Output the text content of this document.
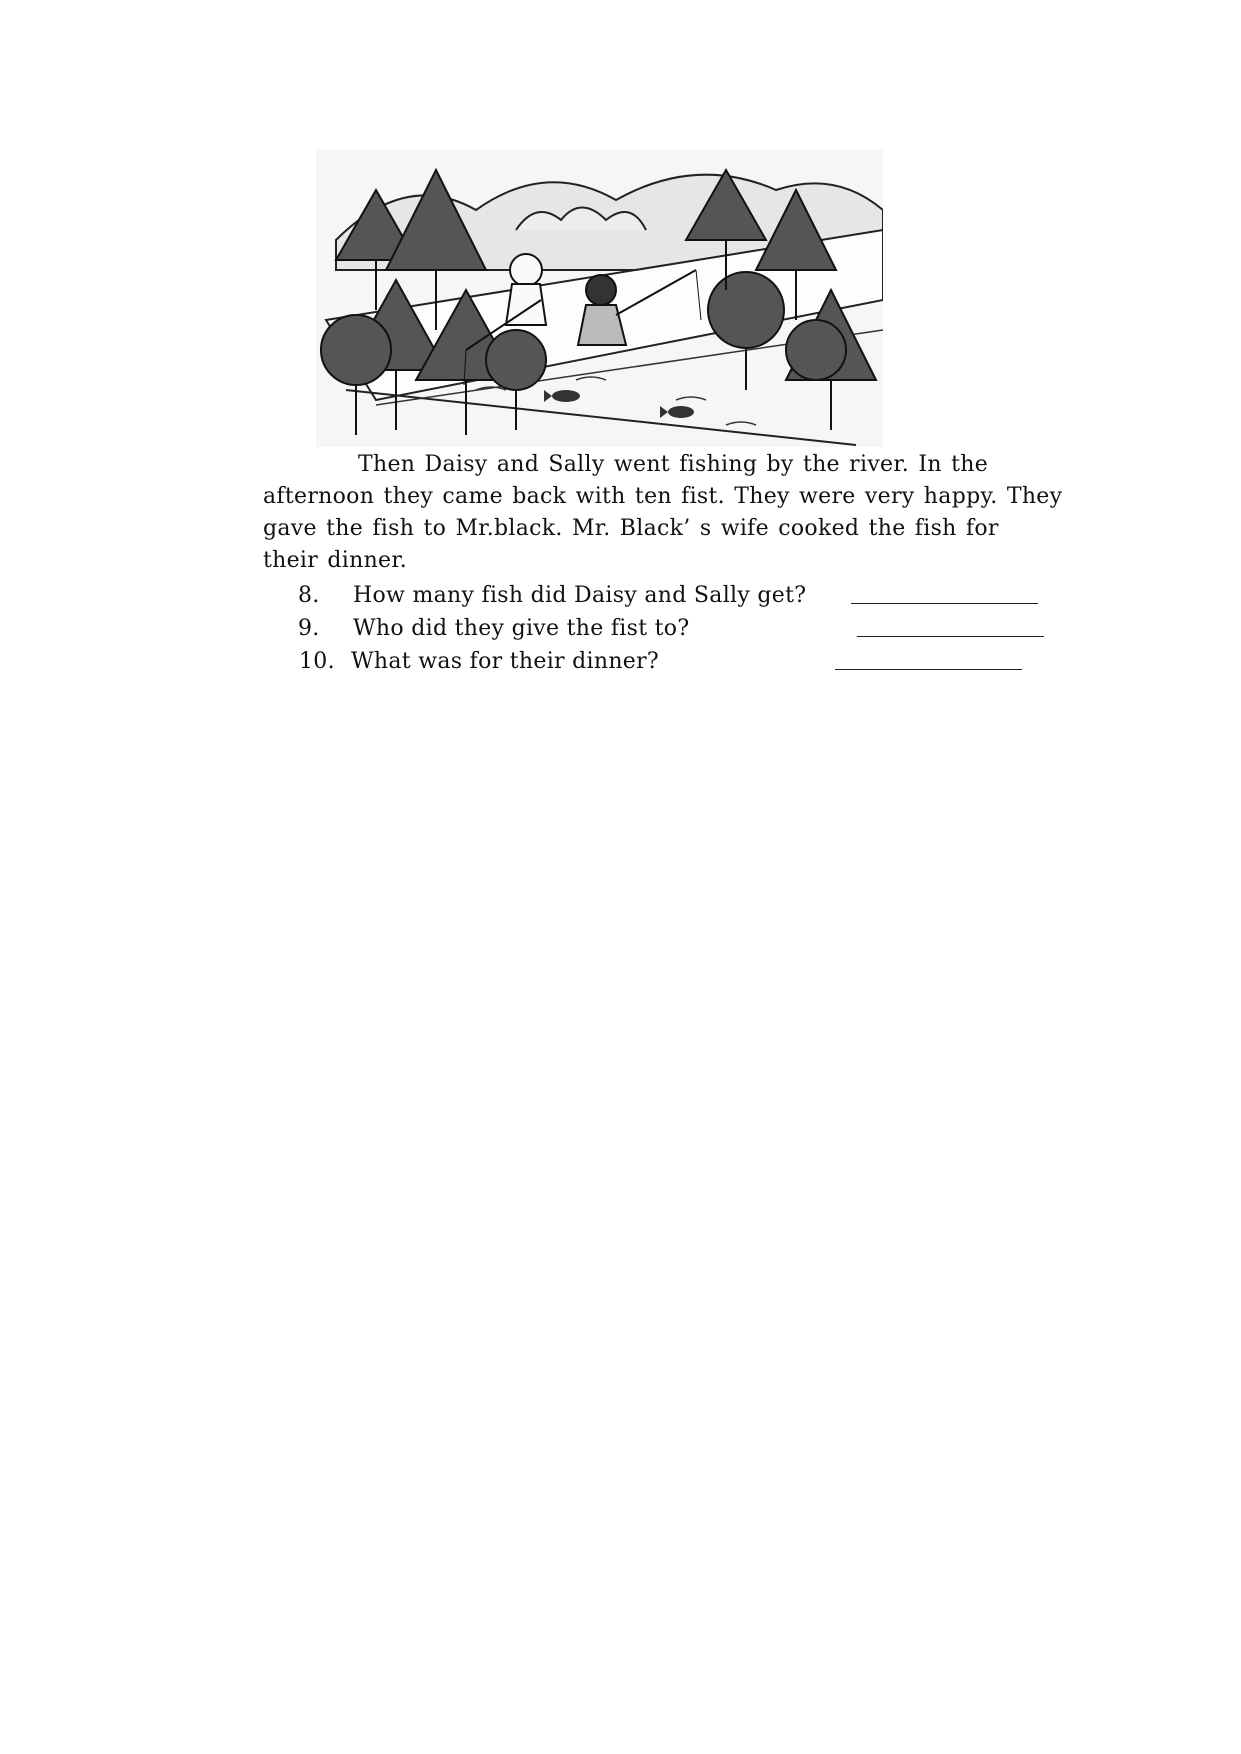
Then Daisy and Sally went fishing by the river. In the afternoon they came back with ten fist. They were very happy. They gave the fish to Mr.black. Mr. Black’ s wife cooked the fish for their dinner.

8. How many fish did Daisy and Sally get?
9. Who did they give the fist to?
10. What was for their dinner?
